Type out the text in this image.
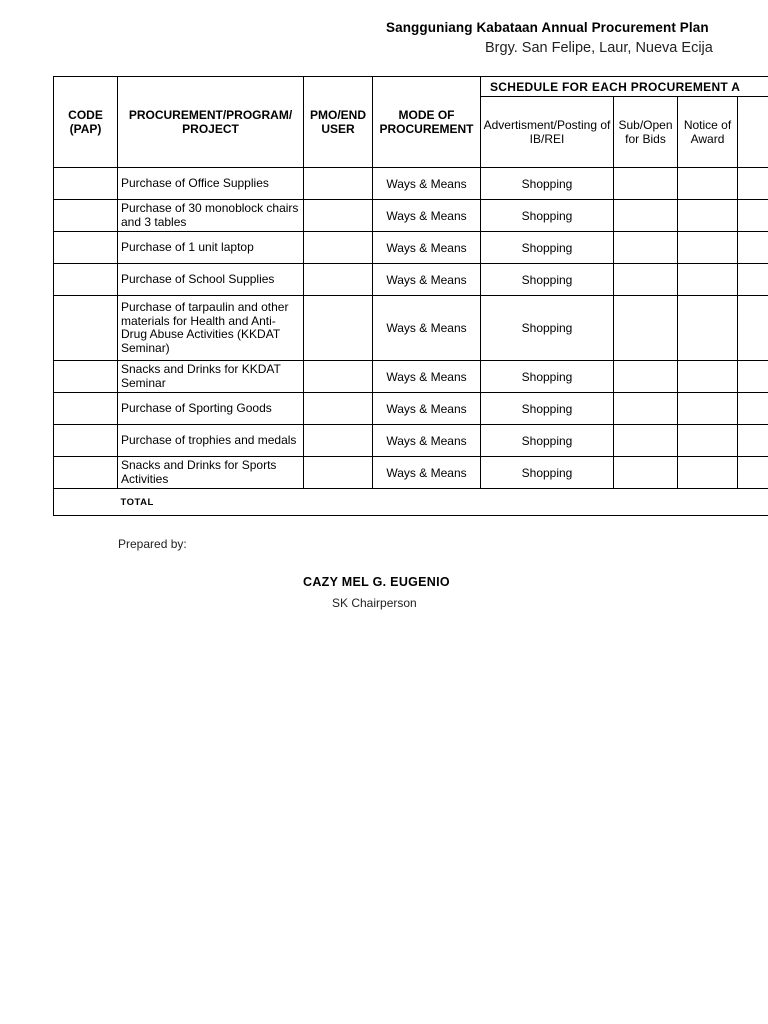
Sangguniang Kabataan Annual Procurement Plan
Brgy. San Felipe, Laur, Nueva Ecija
CODE (PAP)	PROCUREMENT/PROGRAM/ PROJECT	PMO/END USER	MODE OF PROCUREMENT	SCHEDULE FOR EACH PROCUREMENT A			
				Advertisment/Posting of IB/REI	Sub/Open for Bids	Notice of Award	
	Purchase of Office Supplies		Ways & Means	Shopping			
	Purchase of 30 monoblock chairs and 3 tables		Ways & Means	Shopping			
	Purchase of 1 unit laptop		Ways & Means	Shopping			
	Purchase of School Supplies		Ways & Means	Shopping			
	Purchase of tarpaulin and other materials for Health and Anti-Drug Abuse Activities (KKDAT Seminar)		Ways & Means	Shopping			
	Snacks and Drinks for KKDAT Seminar		Ways & Means	Shopping			
	Purchase of Sporting Goods		Ways & Means	Shopping			
	Purchase of trophies and medals		Ways & Means	Shopping			
	Snacks and Drinks for Sports Activities		Ways & Means	Shopping			
	TOTAL						
Prepared by:
CAZY MEL G. EUGENIO
SK Chairperson
